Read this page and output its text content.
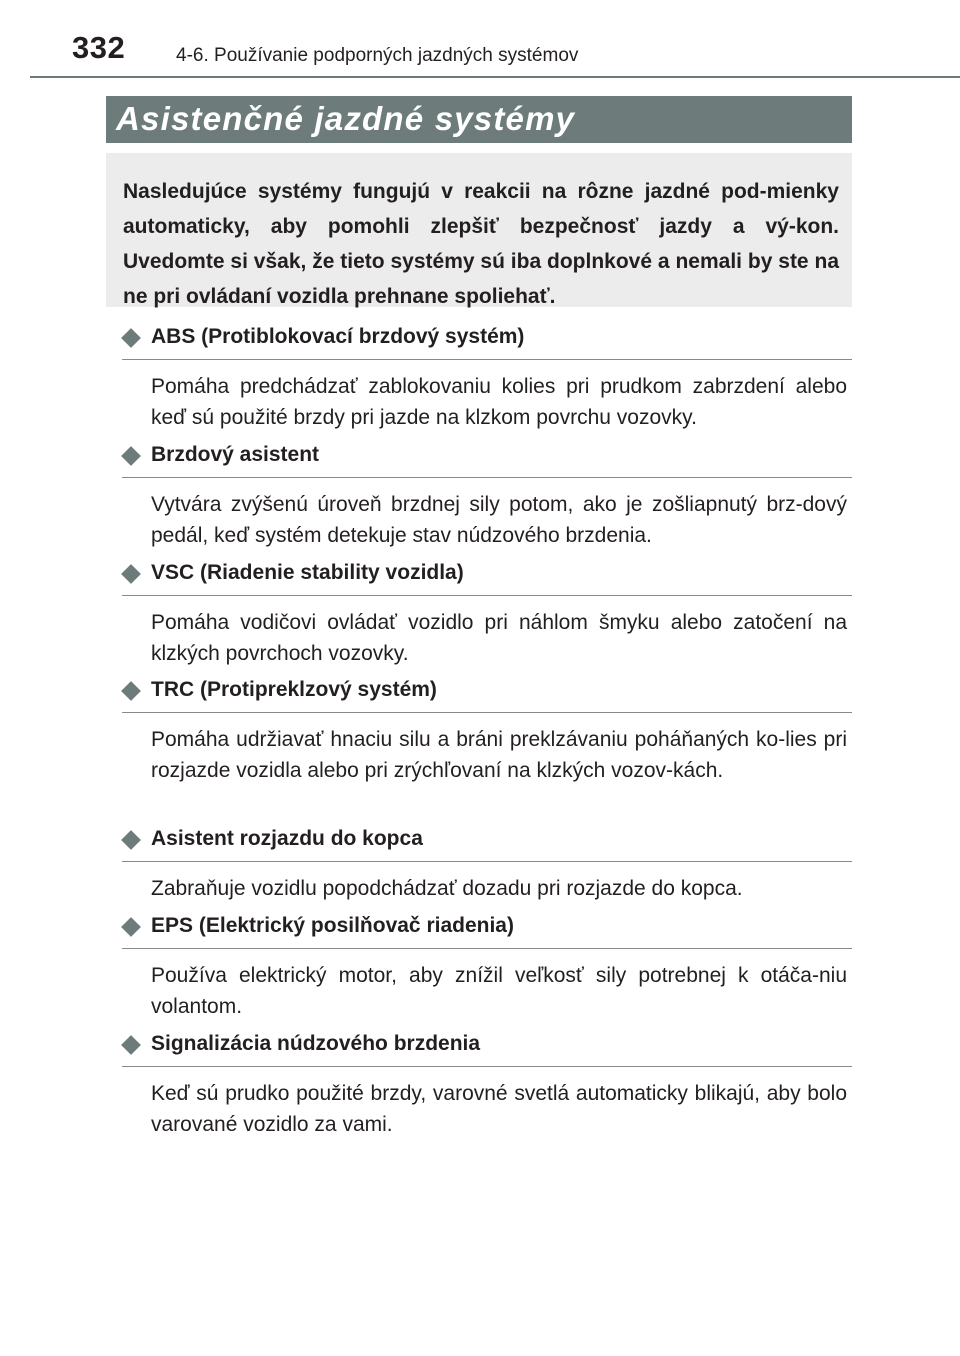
332	4-6. Používanie podporných jazdných systémov
Asistenčné jazdné systémy
Nasledujúce systémy fungujú v reakcii na rôzne jazdné pod-mienky automaticky, aby pomohli zlepšiť bezpečnosť jazdy a vý-kon. Uvedomte si však, že tieto systémy sú iba doplnkové a nemali by ste na ne pri ovládaní vozidla prehnane spoliehať.
ABS (Protiblokovací brzdový systém)
Pomáha predchádzať zablokovaniu kolies pri prudkom zabrzdení alebo keď sú použité brzdy pri jazde na klzkom povrchu vozovky.
Brzdový asistent
Vytvára zvýšenú úroveň brzdnej sily potom, ako je zošliapnutý brz-dový pedál, keď systém detekuje stav núdzového brzdenia.
VSC (Riadenie stability vozidla)
Pomáha vodičovi ovládať vozidlo pri náhlom šmyku alebo zatočení na klzkých povrchoch vozovky.
TRC (Protipreklzový systém)
Pomáha udržiavať hnaciu silu a bráni preklzávaniu poháňaných ko-lies pri rozjazde vozidla alebo pri zrýchľovaní na klzkých vozov-kách.
Asistent rozjazdu do kopca
Zabraňuje vozidlu popodchádzať dozadu pri rozjazde do kopca.
EPS (Elektrický posilňovač riadenia)
Používa elektrický motor, aby znížil veľkosť sily potrebnej k otáča-niu volantom.
Signalizácia núdzového brzdenia
Keď sú prudko použité brzdy, varovné svetlá automaticky blikajú, aby bolo varované vozidlo za vami.
